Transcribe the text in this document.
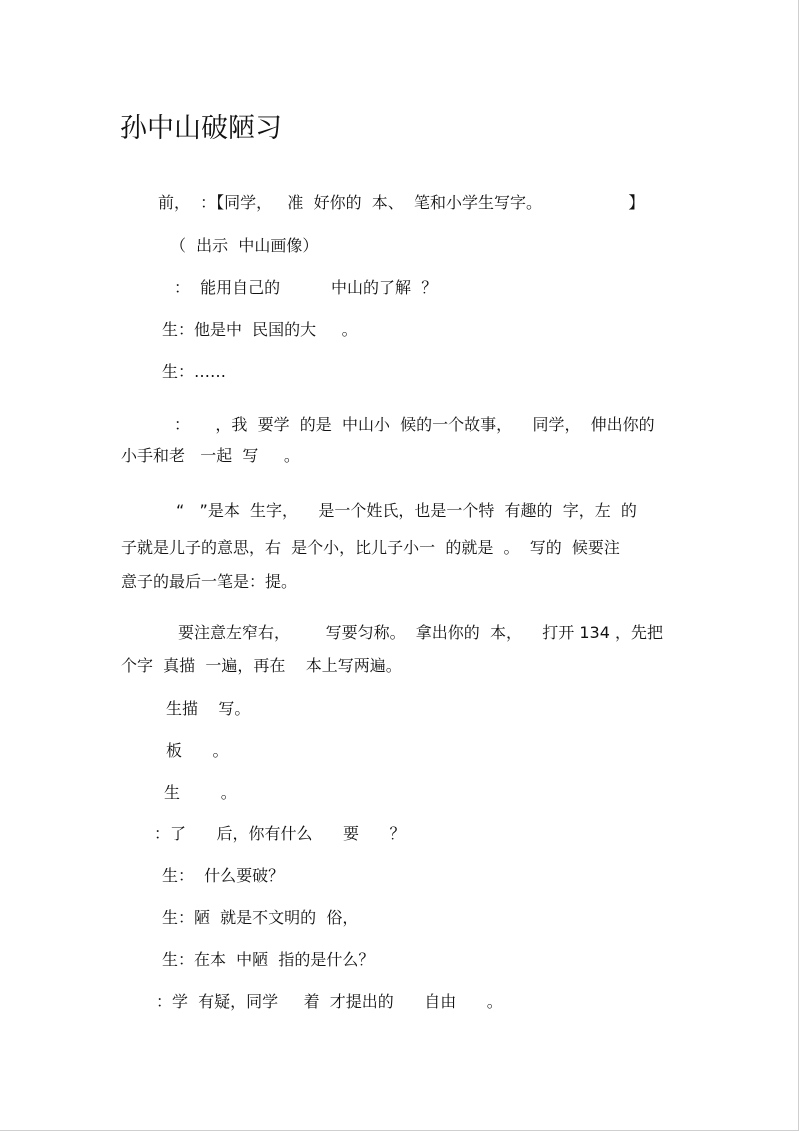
孙中山破陋习
前，  ：【同学，   准  好你的  本、  笔和小学生写字。                 】
（  出示  中山画像）
：  能用自己的          中山的了解  ？
生：他是中  民国的大     。
生：……
：     ，我  要学  的是  中山小  候的一个故事，    同学，  伸出你的
小手和老   一起  写     。
“   ”是本  生字，    是一个姓氏，也是一个特  有趣的  字，左  的
子就是儿子的意思，右  是个小，比儿子小一  的就是  。  写的  候要注
意子的最后一笔是：提。
要注意左窄右，       写要匀称。  拿出你的  本，    打开 134 ，先把
个字  真描  一遍，再在    本上写两遍。
生描    写。
板      。
生        。
：了      后，你有什么      要      ？
生：  什么要破？
生：陋  就是不文明的  俗，
生：在本  中陋  指的是什么？
：学  有疑，同学     着  才提出的      自由      。
